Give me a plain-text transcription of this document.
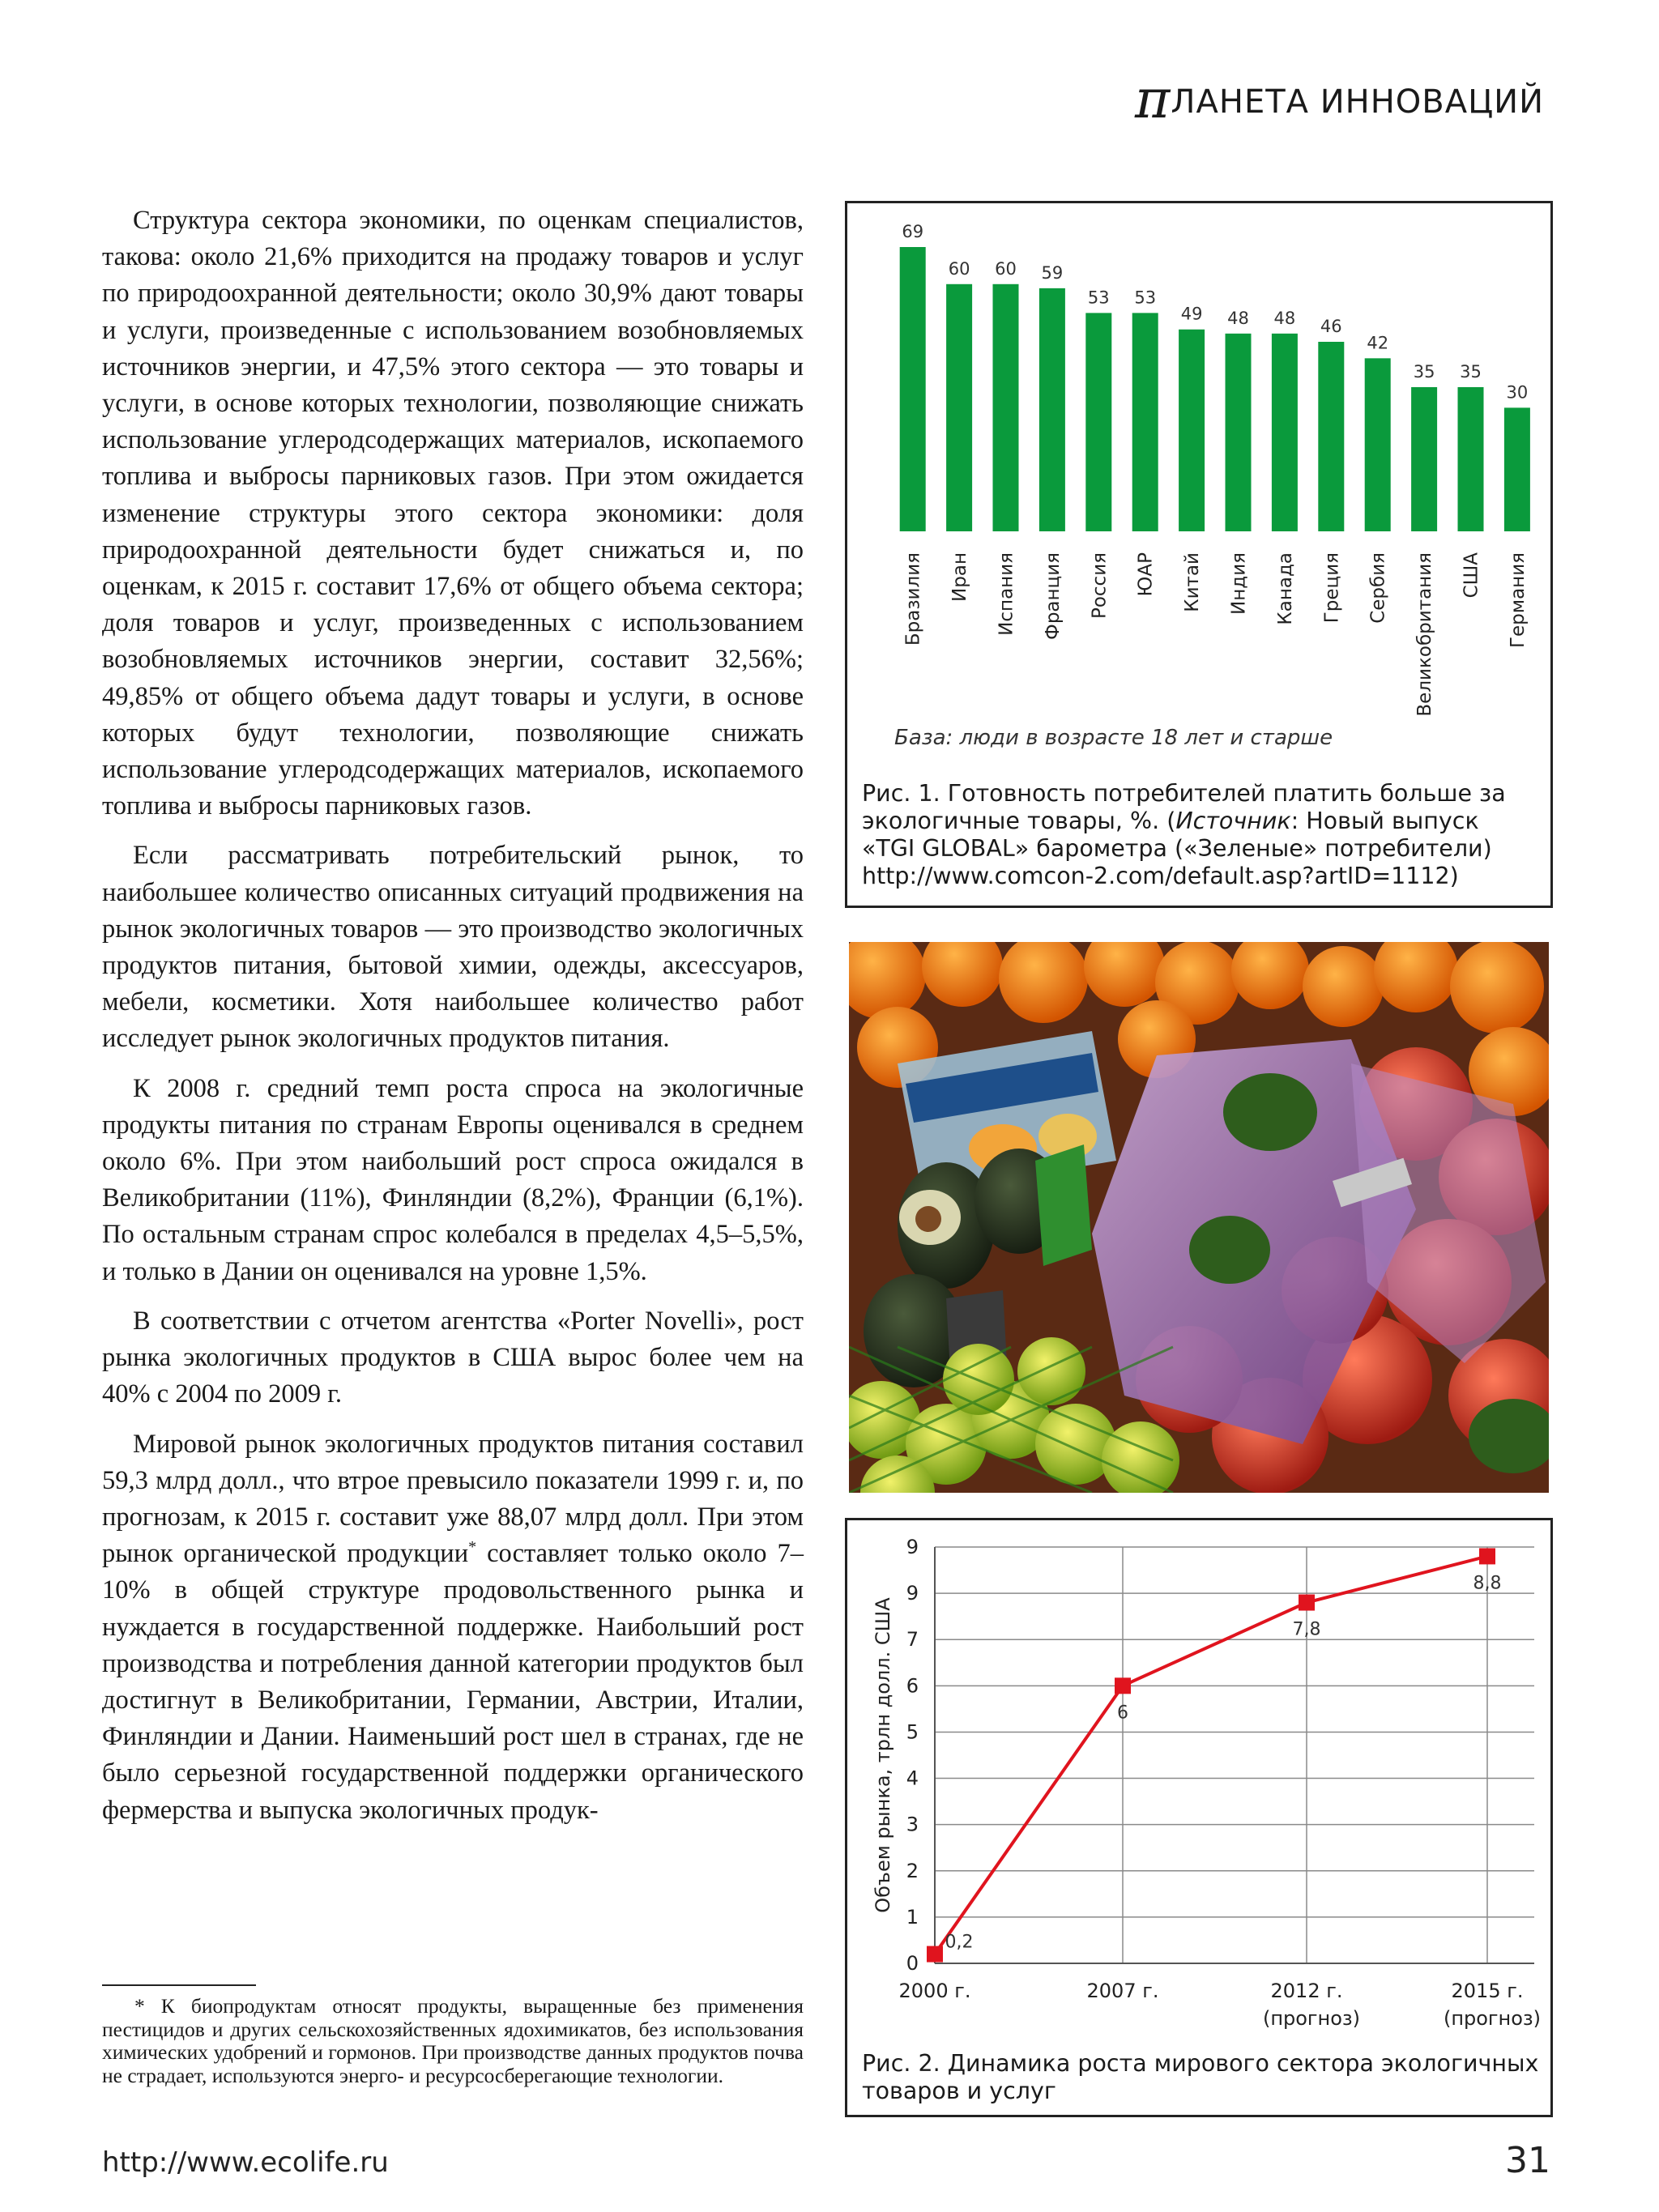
πЛАНЕТА ИННОВАЦИЙ

Структура сектора экономики, по оценкам специалистов, такова: около 21,6% приходится на продажу товаров и услуг по природоохранной деятельности; около 30,9% дают товары и услуги, произведенные с использованием возобновляемых источников энергии, и 47,5% этого сектора — это товары и услуги, в основе которых технологии, позволяющие снижать использование углеродсодержащих материалов, ископаемого топлива и выбросы парниковых газов. При этом ожидается изменение структуры этого сектора экономики: доля природоохранной деятельности будет снижаться и, по оценкам, к 2015 г. составит 17,6% от общего объема сектора; доля товаров и услуг, произведенных с использованием возобновляемых источников энергии, составит 32,56%; 49,85% от общего объема дадут товары и услуги, в основе которых будут технологии, позволяющие снижать использование углеродсодержащих материалов, ископаемого топлива и выбросы парниковых газов.

Если рассматривать потребительский рынок, то наибольшее количество описанных ситуаций продвижения на рынок экологичных товаров — это производство экологичных продуктов питания, бытовой химии, одежды, аксессуаров, мебели, косметики. Хотя наибольшее количество работ исследует рынок экологичных продуктов питания.

К 2008 г. средний темп роста спроса на экологичные продукты питания по странам Европы оценивался в среднем около 6%. При этом наибольший рост спроса ожидался в Великобритании (11%), Финляндии (8,2%), Франции (6,1%). По остальным странам спрос колебался в пределах 4,5–5,5%, и только в Дании он оценивался на уровне 1,5%.

В соответствии с отчетом агентства «Porter Novelli», рост рынка экологичных продуктов в США вырос более чем на 40% с 2004 по 2009 г.

Мировой рынок экологичных продуктов питания составил 59,3 млрд долл., что втрое превысило показатели 1999 г. и, по прогнозам, к 2015 г. составит уже 88,07 млрд долл. При этом рынок органической продукции* составляет только около 7–10% в общей структуре продовольственного рынка и нуждается в государственной поддержке. Наибольший рост производства и потребления данной категории продуктов был достигнут в Великобритании, Германии, Австрии, Италии, Финляндии и Дании. Наименьший рост шел в странах, где не было серьезной государственной поддержки органического фермерства и выпуска экологичных продук-

* К биопродуктам относят продукты, выращенные без применения пестицидов и других сельскохозяйственных ядохимикатов, без использования химических удобрений и гормонов. При производстве данных продуктов почва не страдает, используются энерго- и ресурсосберегающие технологии.
69
Бразилия
60
Иран
60
Испания
59
Франция
53
Россия
53
ЮАР
49
Китай
48
Индия
48
Канада
46
Греция
42
Сербия
35
Великобритания
35
США
30
Германия
База: люди в возрасте 18 лет и старше
Рис. 1. Готовность потребителей платить больше за экологичные товары, %. (Источник: Новый выпуск «TGI GLOBAL» барометра («Зеленые» потребители) http://www.comcon-2.com/default.asp?artID=1112)
0
1
2
3
4
5
6
7
9
9
Объем рынка, трлн долл. США
0,2
2000 г.
6
2007 г.
7,8
2012 г.
(прогноз)
8,8
2015 г.
(прогноз)
Рис. 2. Динамика роста мирового сектора экологичных товаров и услуг
http://www.ecolife.ru	31
